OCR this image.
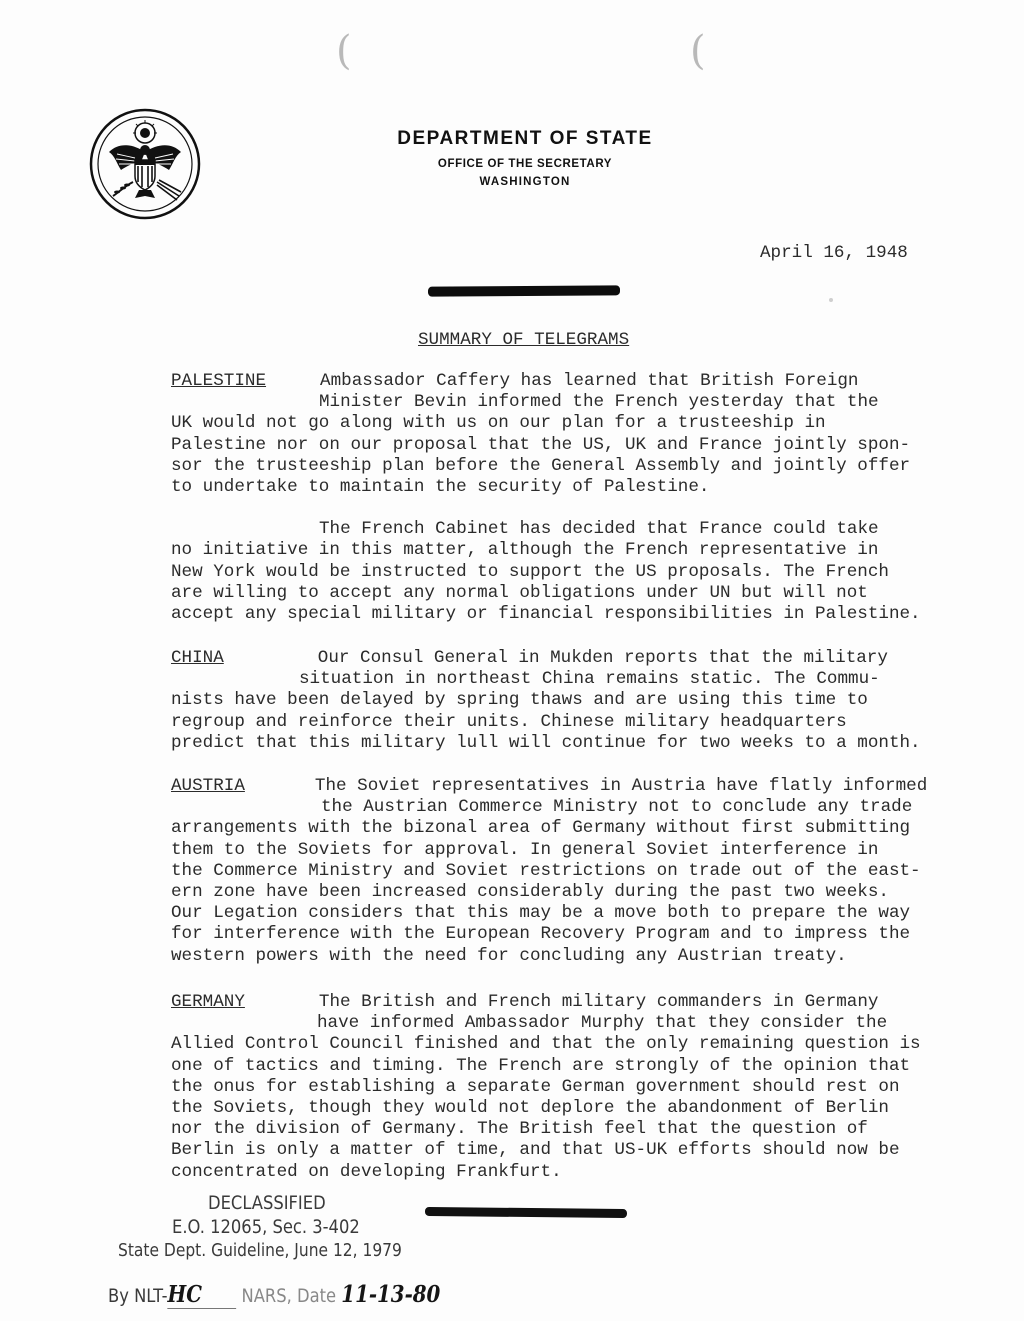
(	(
DEPARTMENT OF STATE
OFFICE OF THE SECRETARY
WASHINGTON
April 16, 1948
SUMMARY OF TELEGRAMS

PALESTINE	Ambassador Caffery has learned that British Foreign

Minister Bevin informed the French yesterday that the

UK would not go along with us on our plan for a trusteeship in

Palestine nor on our proposal that the US, UK and France jointly spon-

sor the trusteeship plan before the General Assembly and jointly offer

to undertake to maintain the security of Palestine.

The French Cabinet has decided that France could take

no initiative in this matter, although the French representative in

New York would be instructed to support the US proposals. The French

are willing to accept any normal obligations under UN but will not

accept any special military or financial responsibilities in Palestine.

CHINA	Our Consul General in Mukden reports that the military

situation in northeast China remains static. The Commu-

nists have been delayed by spring thaws and are using this time to

regroup and reinforce their units. Chinese military headquarters

predict that this military lull will continue for two weeks to a month.

AUSTRIA	The Soviet representatives in Austria have flatly informed

the Austrian Commerce Ministry not to conclude any trade

arrangements with the bizonal area of Germany without first submitting

them to the Soviets for approval. In general Soviet interference in

the Commerce Ministry and Soviet restrictions on trade out of the east-

ern zone have been increased considerably during the past two weeks.

Our Legation considers that this may be a move both to prepare the way

for interference with the European Recovery Program and to impress the

western powers with the need for concluding any Austrian treaty.

GERMANY	The British and French military commanders in Germany

have informed Ambassador Murphy that they consider the

Allied Control Council finished and that the only remaining question is

one of tactics and timing. The French are strongly of the opinion that

the onus for establishing a separate German government should rest on

the Soviets, though they would not deplore the abandonment of Berlin

nor the division of Germany. The British feel that the question of

Berlin is only a matter of time, and that US-UK efforts should now be

concentrated on developing Frankfurt.

DECLASSIFIED
E.O. 12065, Sec. 3-402
State Dept. Guideline, June 12, 1979
By NLT-HC NARS, Date 11-13-80
